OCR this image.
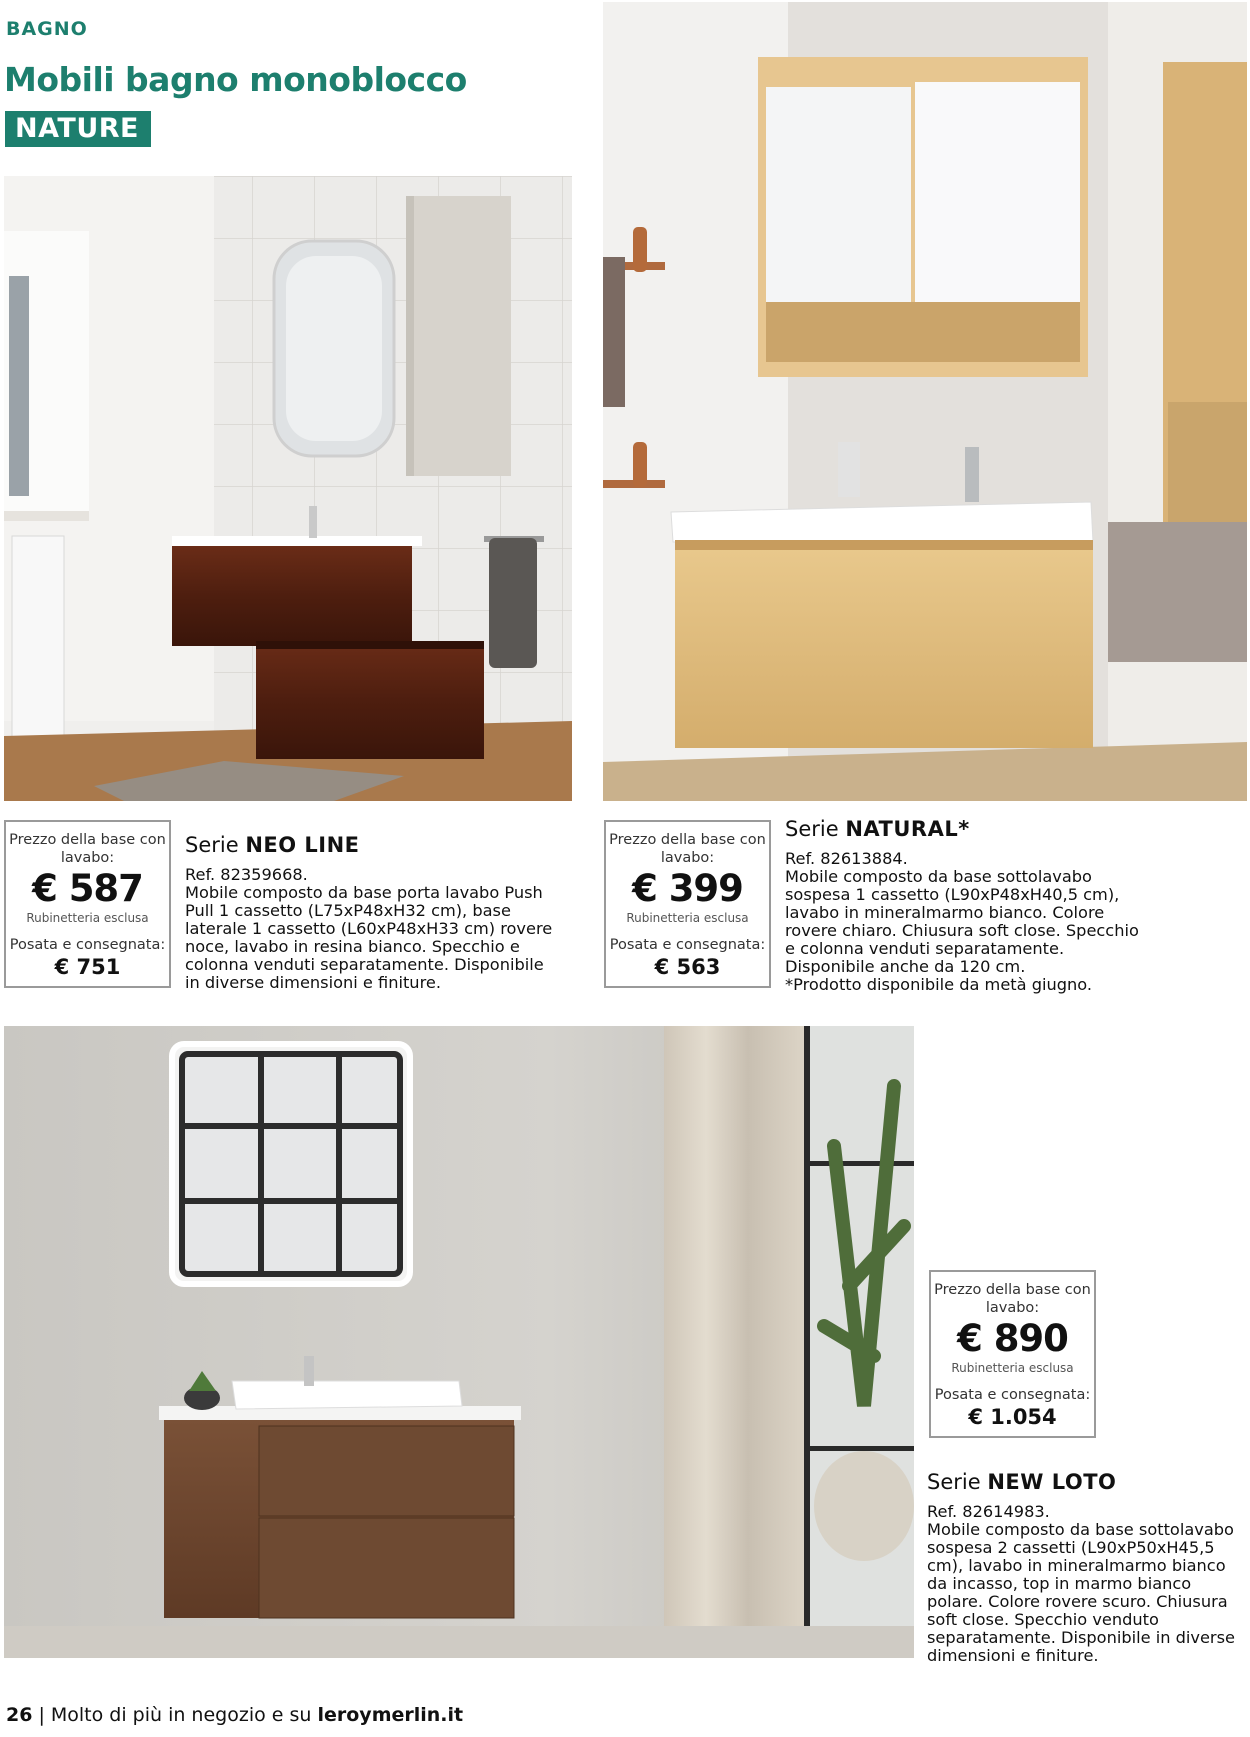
BAGNO
Mobili bagno monoblocco
NATURE
Prezzo della base con lavabo:
€ 587
Rubinetteria esclusa
Posata e consegnata:
€ 751
Serie NEO LINE
Ref. 82359668.
Mobile composto da base porta lavabo Push Pull 1 cassetto (L75xP48xH32 cm), base laterale 1 cassetto (L60xP48xH33 cm) rovere noce, lavabo in resina bianco. Specchio e colonna venduti separatamente. Disponibile in diverse dimensioni e finiture.
Prezzo della base con lavabo:
€ 399
Rubinetteria esclusa
Posata e consegnata:
€ 563
Serie NATURAL*
Ref. 82613884.
Mobile composto da base sottolavabo sospesa 1 cassetto (L90xP48xH40,5 cm), lavabo in mineralmarmo bianco. Colore rovere chiaro. Chiusura soft close. Specchio e colonna venduti separatamente. Disponibile anche da 120 cm.
*Prodotto disponibile da metà giugno.
Prezzo della base con lavabo:
€ 890
Rubinetteria esclusa
Posata e consegnata:
€ 1.054
Serie NEW LOTO
Ref. 82614983.
Mobile composto da base sottolavabo sospesa 2 cassetti (L90xP50xH45,5 cm), lavabo in mineralmarmo bianco da incasso, top in marmo bianco polare. Colore rovere scuro. Chiusura soft close. Specchio venduto separatamente. Disponibile in diverse dimensioni e finiture.
26 | Molto di più in negozio e su leroymerlin.it
